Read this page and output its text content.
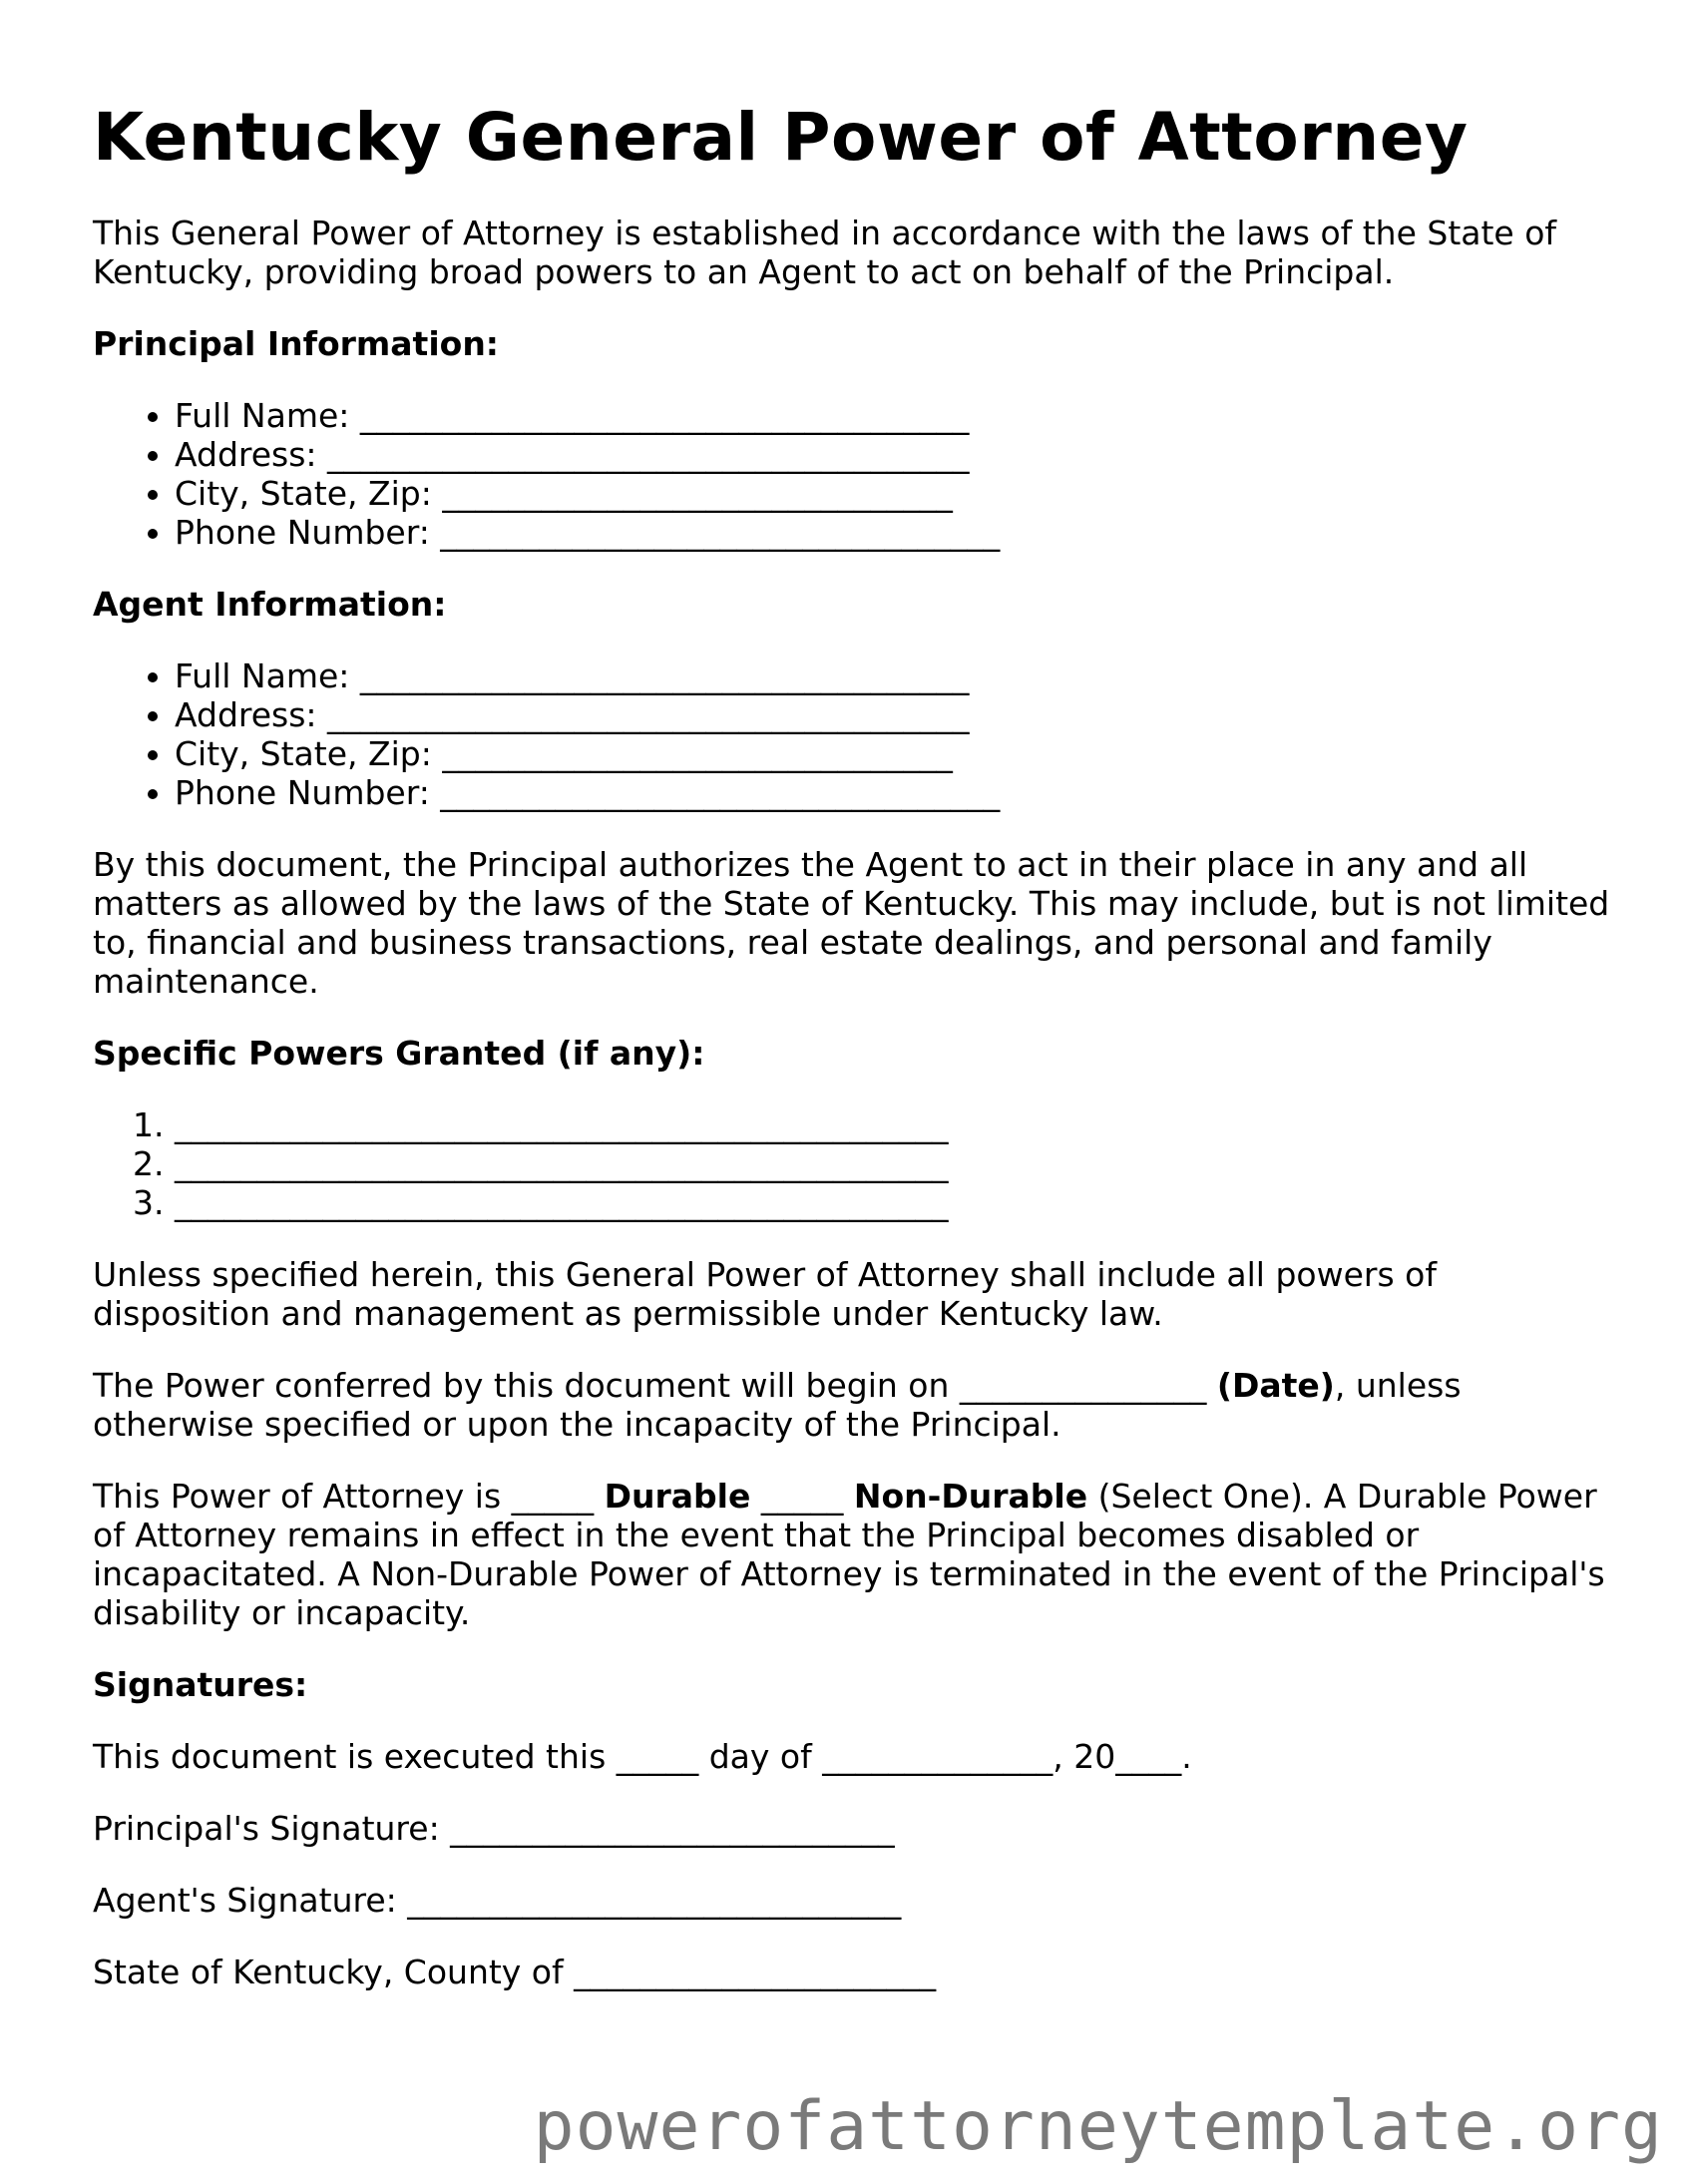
Kentucky General Power of Attorney

This General Power of Attorney is established in accordance with the laws of the State of Kentucky, providing broad powers to an Agent to act on behalf of the Principal.

Principal Information:
• Full Name: _____________________________________
• Address: _______________________________________
• City, State, Zip: _______________________________
• Phone Number: __________________________________
Agent Information:
• Full Name: _____________________________________
• Address: _______________________________________
• City, State, Zip: _______________________________
• Phone Number: __________________________________

By this document, the Principal authorizes the Agent to act in their place in any and all matters as allowed by the laws of the State of Kentucky. This may include, but is not limited to, financial and business transactions, real estate dealings, and personal and family maintenance.

Specific Powers Granted (if any):
1. _______________________________________________
2. _______________________________________________
3. _______________________________________________

Unless specified herein, this General Power of Attorney shall include all powers of disposition and management as permissible under Kentucky law.

The Power conferred by this document will begin on _______________ (Date), unless otherwise specified or upon the incapacity of the Principal.

This Power of Attorney is _____ Durable _____ Non-Durable (Select One). A Durable Power of Attorney remains in effect in the event that the Principal becomes disabled or incapacitated. A Non-Durable Power of Attorney is terminated in the event of the Principal's disability or incapacity.

Signatures:

This document is executed this _____ day of ______________, 20____.

Principal's Signature: ___________________________

Agent's Signature: ______________________________

State of Kentucky, County of ______________________

powerofattorneytemplate.org
